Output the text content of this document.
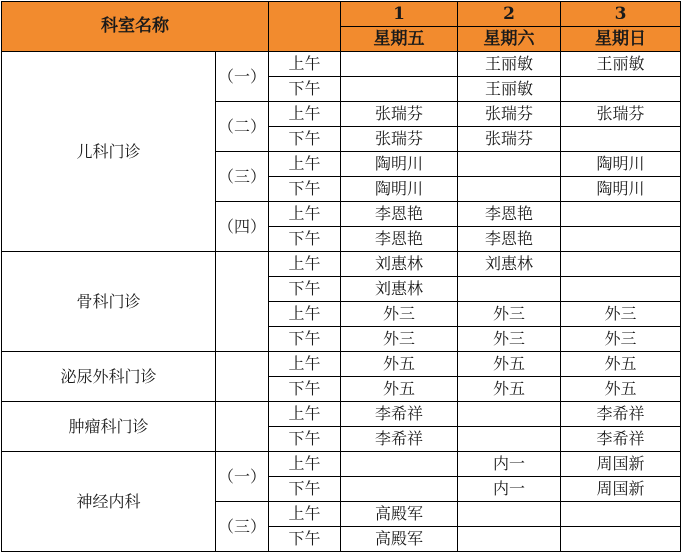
科室名称			1	2	3
			星期五	星期六	星期日
儿科门诊	（一）	上午		王丽敏	王丽敏
		下午		王丽敏	
	（二）	上午	张瑞芬	张瑞芬	张瑞芬
		下午	张瑞芬	张瑞芬	
	（三）	上午	陶明川		陶明川
		下午	陶明川		陶明川
	（四）	上午	李恩艳	李恩艳	
		下午	李恩艳	李恩艳	
骨科门诊		上午	刘惠林	刘惠林	
		下午	刘惠林		
		上午	外三	外三	外三
		下午	外三	外三	外三
泌尿外科门诊		上午	外五	外五	外五
		下午	外五	外五	外五
肿瘤科门诊		上午	李希祥		李希祥
		下午	李希祥		李希祥
神经内科	（一）	上午		内一	周国新
		下午		内一	周国新
	（三）	上午	高殿军		
		下午	高殿军		
